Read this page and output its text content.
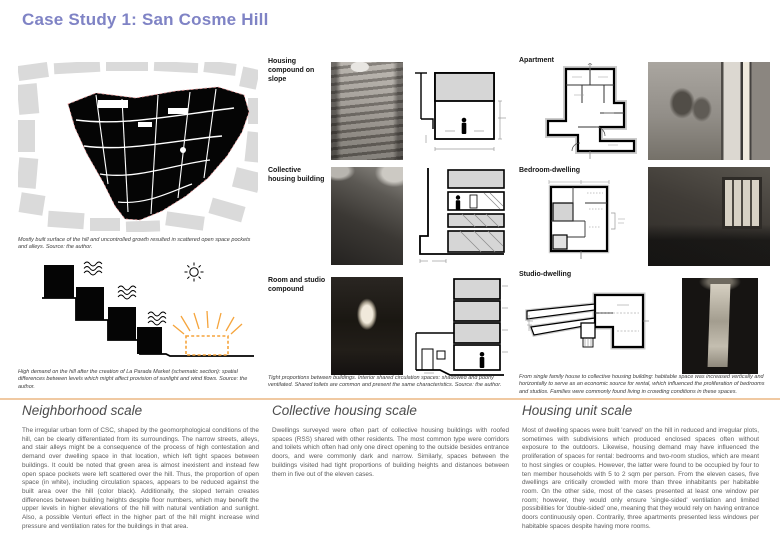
Case Study 1: San Cosme Hill

Mostly built surface of the hill and uncontrolled growth resulted in scattered open space pockets and alleys. Source: the author.

High demand on the hill after the creation of La Parada Market (schematic section): spatial differences between levels which might affect provision of sunlight and wind flows. Source: the author.

Housing compound on slope
Collective housing building
Room and studio compound

Tight proportions between buildings. Interior shared circulation spaces: shadowed and poorly ventilated. Shared toilets are common and present the same characteristics. Source: the author.

Apartment
Bedroom-dwelling
Studio-dwelling

From single family house to collective housing building: habitable space was increased vertically and horizontally to serve as an economic source for rental, which influenced the proliferation of bedrooms and studios. Families were commonly found living in crowding conditions in these spaces.

Neighborhood scale	Collective housing scale	Housing unit scale

The irregular urban form of CSC, shaped by the geomorphological conditions of the hill, can be clearly differentiated from its surroundings. The narrow streets, alleys, and stair alleys might be a consequence of the process of high contestation and demand over dwelling space in that location, which left tight spaces between buildings. It could be noted that green area is almost inexistent and instead few open space pockets were left scattered over the hill. Thus, the proportion of open space (in white), including circulation spaces, appears to be reduced against the built area over the hill (color black). Additionally, the sloped terrain creates differences between building heights despite floor numbers, which may benefit the upper levels in higher elevations of the hill with natural ventilation and sunlight. Also, a possible Venturi effect in the higher part of the hill might increase wind pressure and ventilation rates for the buildings in that area.

Dwellings surveyed were often part of collective housing buildings with roofed spaces (RSS) shared with other residents. The most common type were corridors and toilets which often had only one direct opening to the outside besides entrance doors, and were commonly dark and narrow. Similarly, spaces between the buildings visited had tight proportions of building heights and distances between them in five out of the eleven cases.

Most of dwelling spaces were built 'carved' on the hill in reduced and irregular plots, sometimes with subdivisions which produced enclosed spaces often without exposure to the outdoors. Likewise, housing demand may have influenced the proliferation of spaces for rental: bedrooms and two-room studios, which are meant to host singles or couples. However, the latter were found to be occupied by four to ten member households with 5 to 2 sqm per person. From the eleven cases, five dwellings are critically crowded with more than three inhabitants per habitable room. On the other side, most of the cases presented at least one window per room; however, they would only ensure 'single-sided' ventilation and limited possibilities for 'double-sided' one, meaning that they would rely on having entrance doors continuously open. Contrarily, three apartments presented less windows per habitable spaces despite having more rooms.
